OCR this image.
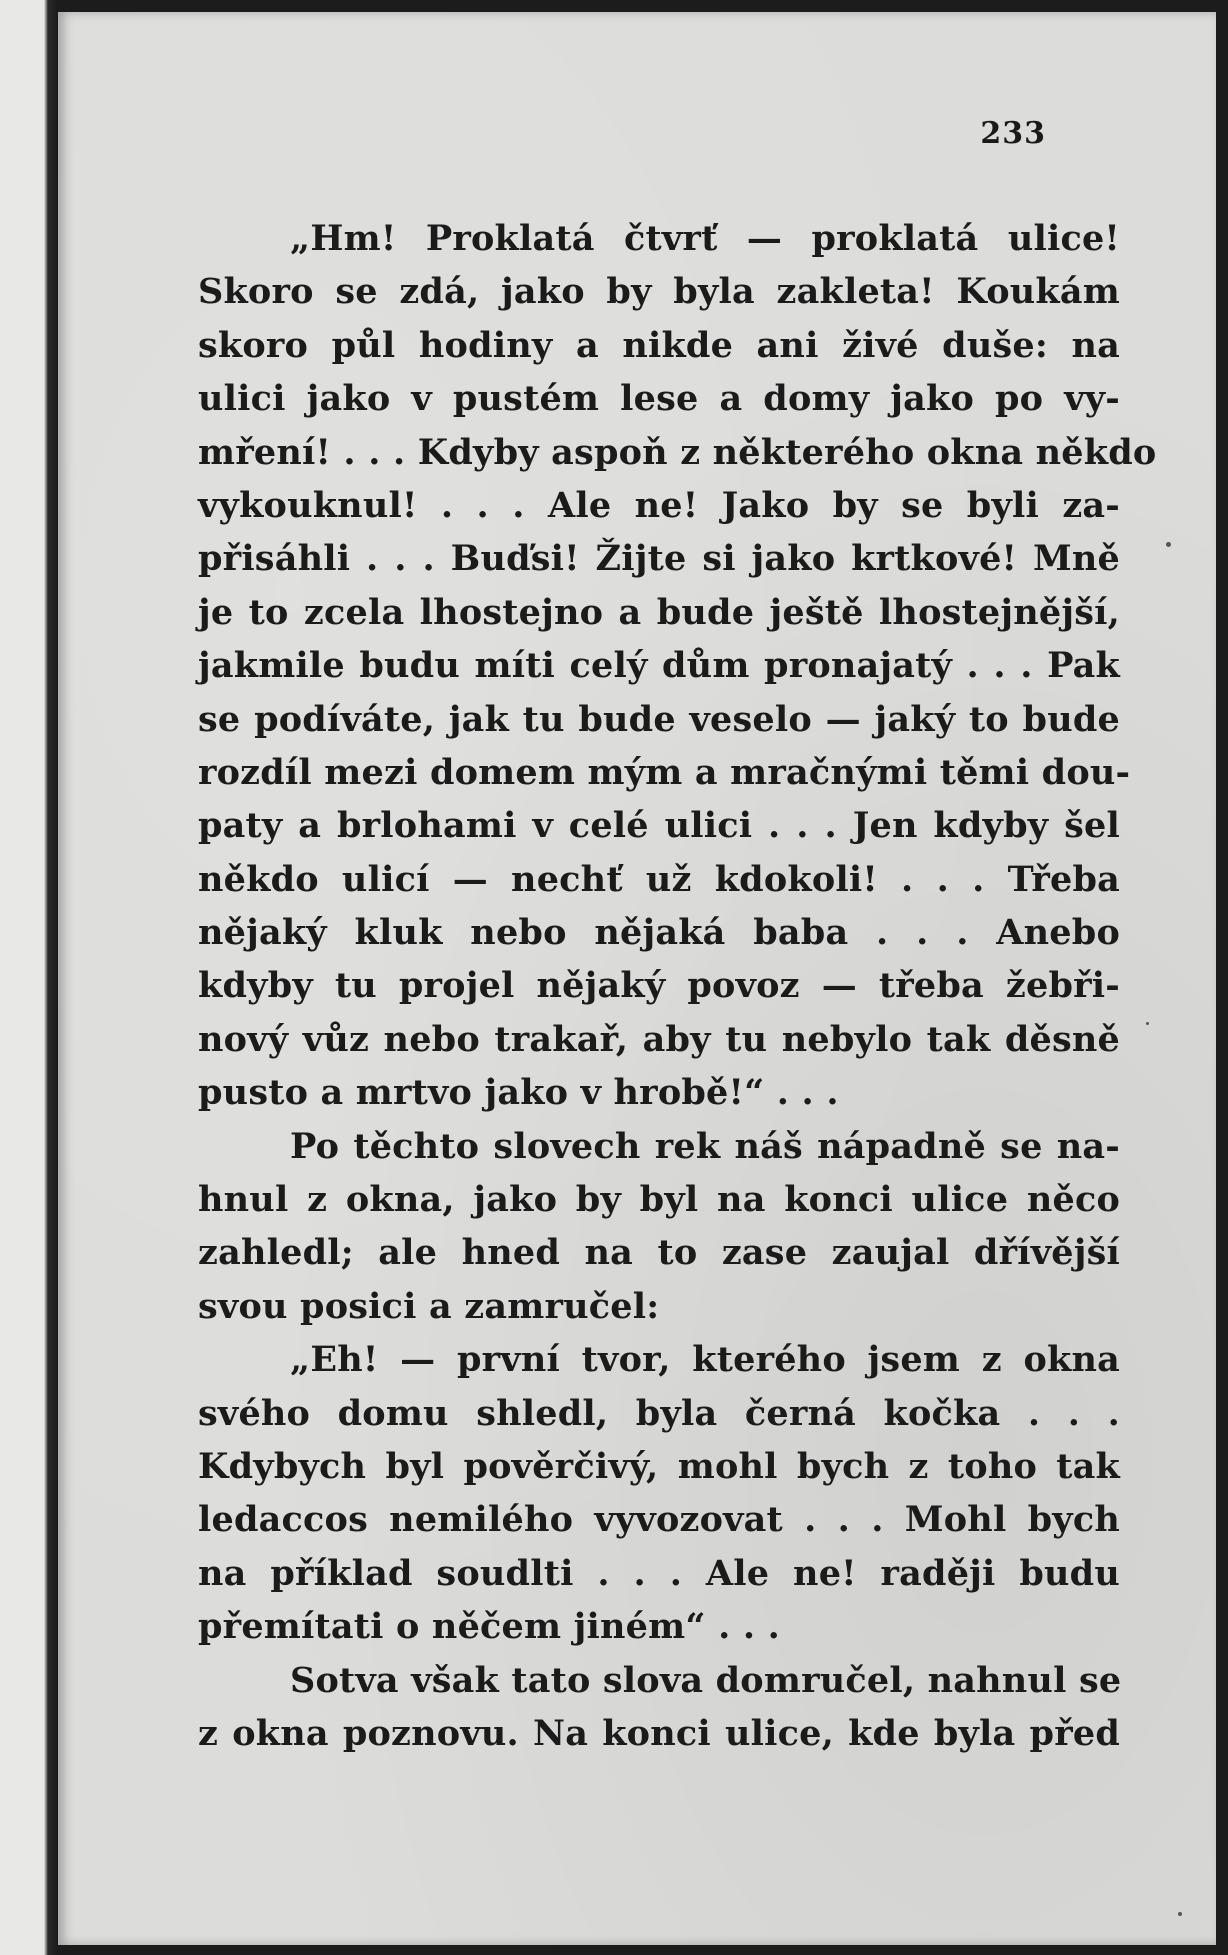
233
„Hm! Proklatá čtvrť — proklatá ulice!
Skoro se zdá, jako by byla zakleta! Koukám
skoro půl hodiny a nikde ani živé duše: na
ulici jako v pustém lese a domy jako po vy-
mření! . . . Kdyby aspoň z některého okna někdo
vykouknul! . . . Ale ne! Jako by se byli za-
přisáhli . . . Buďsi! Žijte si jako krtkové! Mně
je to zcela lhostejno a bude ještě lhostejnější,
jakmile budu míti celý dům pronajatý . . . Pak
se podíváte, jak tu bude veselo — jaký to bude
rozdíl mezi domem mým a mračnými těmi dou-
paty a brlohami v celé ulici . . . Jen kdyby šel
někdo ulicí — nechť už kdokoli! . . . Třeba
nějaký kluk nebo nějaká baba . . . Anebo
kdyby tu projel nějaký povoz — třeba žebři-
nový vůz nebo trakař, aby tu nebylo tak děsně
pusto a mrtvo jako v hrobě!“ . . .
Po těchto slovech rek náš nápadně se na-
hnul z okna, jako by byl na konci ulice něco
zahledl; ale hned na to zase zaujal dřívější
svou posici a zamručel:
„Eh! — první tvor, kterého jsem z okna
svého domu shledl, byla černá kočka . . .
Kdybych byl pověrčivý, mohl bych z toho tak
ledaccos nemilého vyvozovat . . . Mohl bych
na příklad soudlti . . . Ale ne! raději budu
přemítati o něčem jiném“ . . .
Sotva však tato slova domručel, nahnul se
z okna poznovu. Na konci ulice, kde byla před
